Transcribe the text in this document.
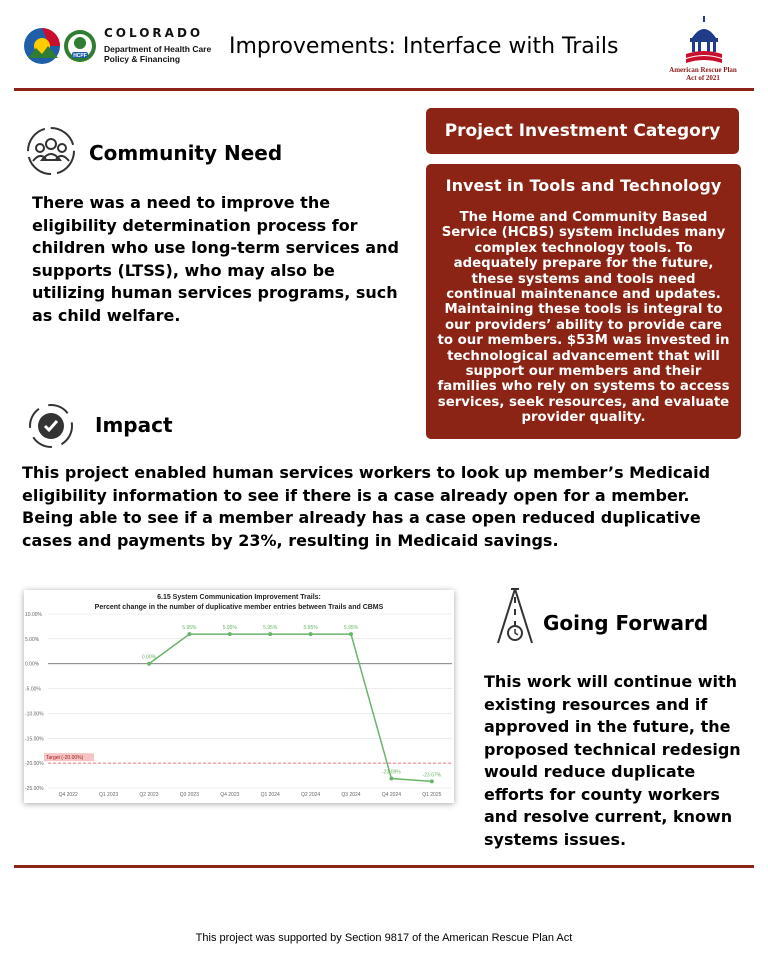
HCPF
COLORADO
Department of Health Care Policy & Financing	Improvements: Interface with Trails
American Rescue Plan Act of 2021
Community Need
There was a need to improve the eligibility determination process for children who use long-term services and supports (LTSS), who may also be utilizing human services programs, such as child welfare.
Project Investment Category
Invest in Tools and Technology
The Home and Community Based Service (HCBS) system includes many complex technology tools. To adequately prepare for the future, these systems and tools need continual maintenance and updates. Maintaining these tools is integral to our providers’ ability to provide care to our members. $53M was invested in technological advancement that will support our members and their families who rely on systems to access services, seek resources, and evaluate provider quality.
Impact
This project enabled human services workers to look up member’s Medicaid eligibility information to see if there is a case already open for a member. Being able to see if a member already has a case open reduced duplicative cases and payments by 23%, resulting in Medicaid savings.
6.15 System Communication Improvement Trails:
Percent change in the number of duplicative member entries between Trails and CBMS
10.00%
5.00%
0.00%
-5.00%
-10.00%
-15.00%
-20.00%
-25.00%
Target (-20.00%)
0.00%
5.95%	5.95%	5.95%	5.95%	5.95%
-23.09%	-23.67%
Q4 2022	Q1 2023	Q2 2023	Q3 2023	Q4 2023	Q1 2024	Q2 2024	Q3 2024	Q4 2024	Q1 2025
Going Forward
This work will continue with existing resources and if approved in the future, the proposed technical redesign would reduce duplicate efforts for county workers and resolve current, known systems issues.
This project was supported by Section 9817 of the American Rescue Plan Act
